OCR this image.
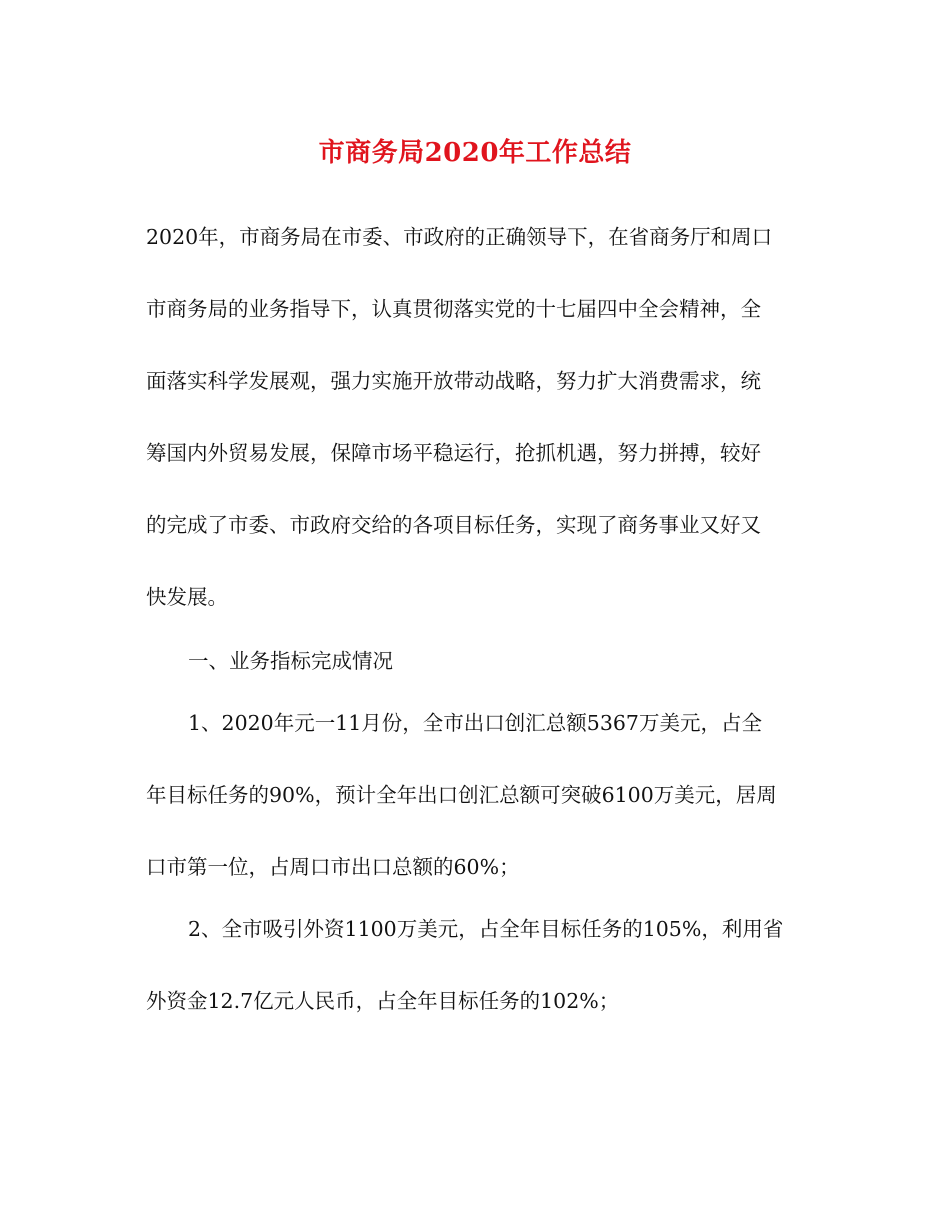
市商务局2020年工作总结
2020年，市商务局在市委、市政府的正确领导下，在省商务厅和周口
市商务局的业务指导下，认真贯彻落实党的十七届四中全会精神，全
面落实科学发展观，强力实施开放带动战略，努力扩大消费需求，统
筹国内外贸易发展，保障市场平稳运行，抢抓机遇，努力拼搏，较好
的完成了市委、市政府交给的各项目标任务，实现了商务事业又好又
快发展。
一、业务指标完成情况
1、2020年元一11月份，全市出口创汇总额5367万美元，占全
年目标任务的90%，预计全年出口创汇总额可突破6100万美元，居周
口市第一位，占周口市出口总额的60%；
2、全市吸引外资1100万美元，占全年目标任务的105%，利用省
外资金12.7亿元人民币，占全年目标任务的102%；
